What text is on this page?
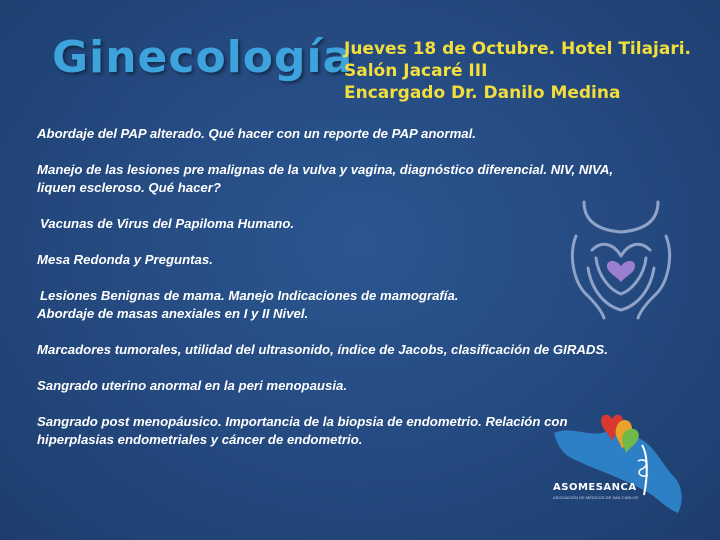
Ginecología
Jueves 18 de Octubre. Hotel Tilajari.
Salón Jacaré III
Encargado Dr. Danilo Medina

Abordaje del PAP alterado. Qué hacer con un reporte de PAP anormal.

Manejo de las lesiones pre malignas de la vulva y vagina, diagnóstico diferencial. NIV, NIVA, liquen escleroso. Qué hacer?

Vacunas de Virus del Papiloma Humano.

Mesa Redonda y Preguntas.

Lesiones Benignas de mama. Manejo Indicaciones de mamografía.

Abordaje de masas anexiales en I y II Nivel.

Marcadores tumorales, utilidad del ultrasonido, índice de Jacobs, clasificación de GIRADS.

Sangrado uterino anormal en la peri menopausia.

Sangrado post menopáusico. Importancia de la biopsia de endometrio. Relación con hiperplasias endometriales y cáncer de endometrio.

ASOMESANCA
ASOCIACIÓN DE MÉDICOS DE SAN CARLOS
